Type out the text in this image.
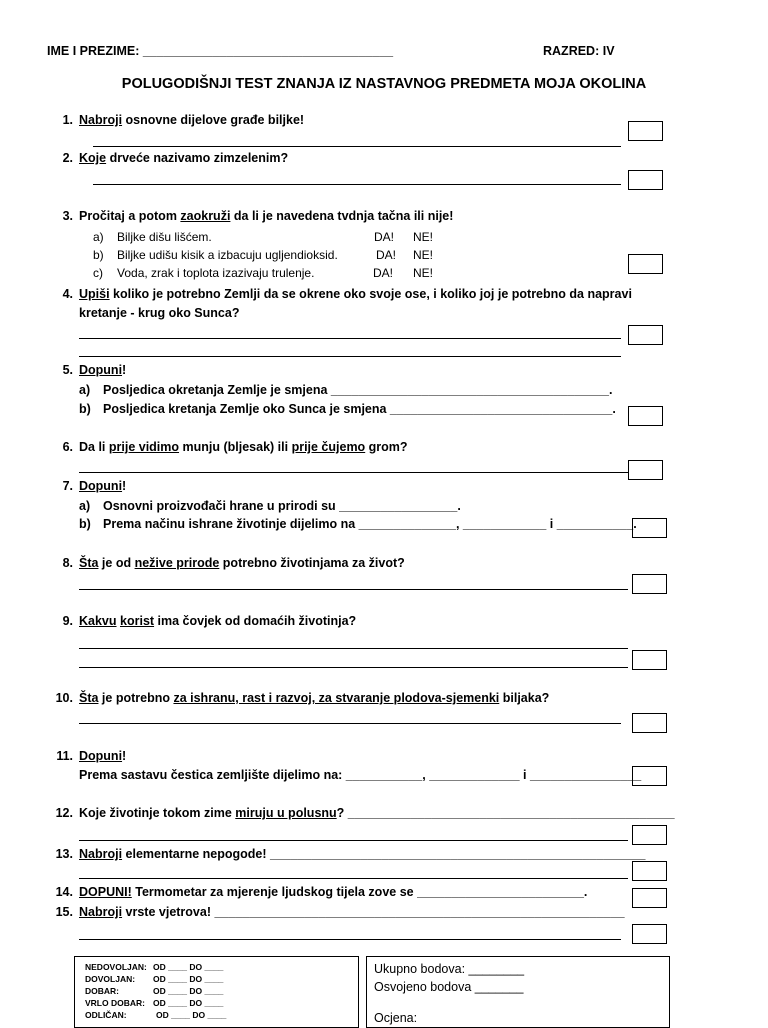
IME I PREZIME: ____________________________________	RAZRED: IV
POLUGODIŠNJI TEST ZNANJA IZ NASTAVNOG PREDMETA MOJA OKOLINA
1. Nabroji osnovne dijelove građe biljke!
2. Koje drveće nazivamo zimzelenim?
3. Pročitaj a potom zaokruži da li je navedena tvdnja tačna ili nije!
a) Biljke dišu lišćem.	DA! NE!
b) Biljke udišu kisik a izbacuju ugljendioksid.	DA! NE!
c) Voda, zrak i toplota izazivaju trulenje.	DA! NE!
4. Upiši koliko je potrebno Zemlji da se okrene oko svoje ose, i koliko joj je potrebno da napravi
kretanje - krug oko Sunca?
5. Dopuni!
a) Posljedica okretanja Zemlje je smjena ________________________________________.
b) Posljedica kretanja Zemlje oko Sunca je smjena ________________________________.
6. Da li prije vidimo munju (bljesak) ili prije čujemo grom?
7. Dopuni!
a) Osnovni proizvođači hrane u prirodi su _________________.
b) Prema načinu ishrane životinje dijelimo na ______________, ____________ i ___________.
8. Šta je od nežive prirode potrebno životinjama za život?
9. Kakvu korist ima čovjek od domaćih životinja?
10. Šta je potrebno za ishranu, rast i razvoj, za stvaranje plodova-sjemenki biljaka?
11. Dopuni!
Prema sastavu čestica zemljište dijelimo na: ___________, _____________ i ________________
12. Koje životinje tokom zime miruju u polusnu? _______________________________________________
13. Nabroji elementarne nepogode! ______________________________________________________
14. DOPUNI! Termometar za mjerenje ljudskog tijela zove se ________________________.
15. Nabroji vrste vjetrova! ___________________________________________________________
NEDOVOLJAN: OD ____ DO ____
DOVOLJAN: OD ____ DO ____
DOBAR:	OD ____ DO ____
VRLO DOBAR: OD ____ DO ____
ODLIČAN:	OD ____ DO ____
Ukupno bodova: ________
Osvojeno bodova _______
Ocjena:
